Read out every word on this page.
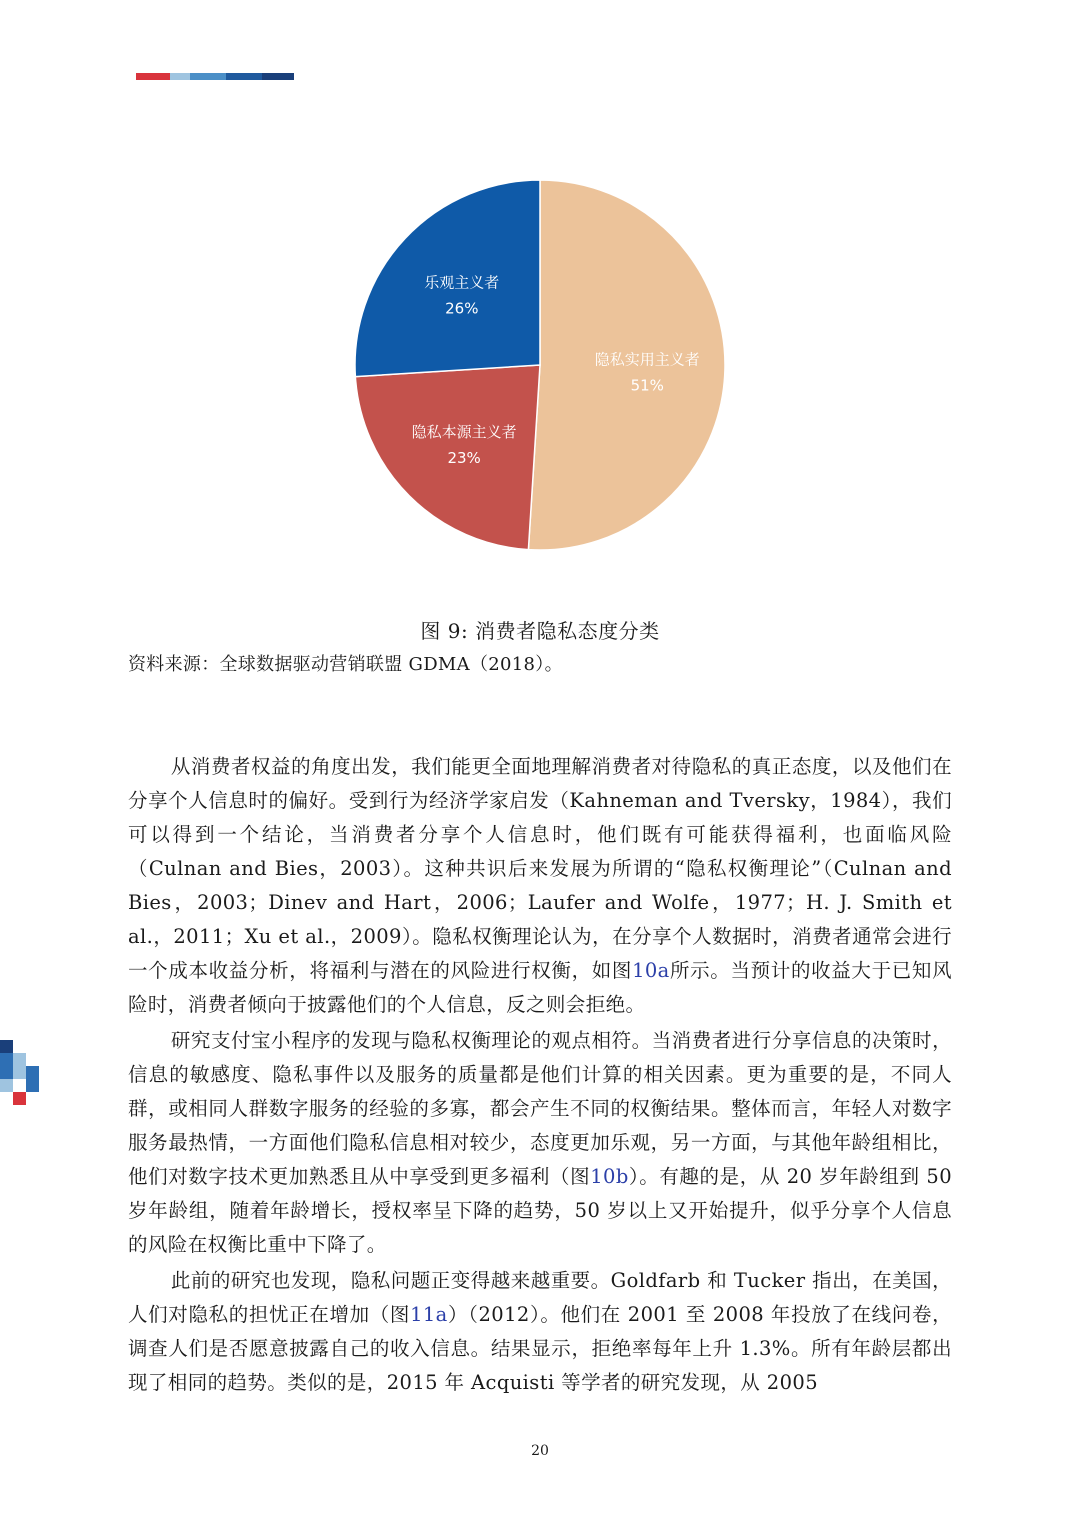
隐私实用主义者
51%
隐私本源主义者
23%
乐观主义者
26%
图 9: 消费者隐私态度分类
资料来源：全球数据驱动营销联盟 GDMA（2018）。

从消费者权益的角度出发，我们能更全面地理解消费者对待隐私的真正态度，以及他们在分享个人信息时的偏好。受到行为经济学家启发（Kahneman and Tversky，1984），我们可以得到一个结论，当消费者分享个人信息时，他们既有可能获得福利，也面临风险（Culnan and Bies，2003）。这种共识后来发展为所谓的“隐私权衡理论”（Culnan and Bies，2003；Dinev and Hart，2006；Laufer and Wolfe，1977；H. J. Smith et al.，2011；Xu et al.，2009）。隐私权衡理论认为，在分享个人数据时，消费者通常会进行一个成本收益分析，将福利与潜在的风险进行权衡，如图10a所示。当预计的收益大于已知风险时，消费者倾向于披露他们的个人信息，反之则会拒绝。

研究支付宝小程序的发现与隐私权衡理论的观点相符。当消费者进行分享信息的决策时，信息的敏感度、隐私事件以及服务的质量都是他们计算的相关因素。更为重要的是，不同人群，或相同人群数字服务的经验的多寡，都会产生不同的权衡结果。整体而言，年轻人对数字服务最热情，一方面他们隐私信息相对较少，态度更加乐观，另一方面，与其他年龄组相比，他们对数字技术更加熟悉且从中享受到更多福利（图10b）。有趣的是，从 20 岁年龄组到 50 岁年龄组，随着年龄增长，授权率呈下降的趋势，50 岁以上又开始提升，似乎分享个人信息的风险在权衡比重中下降了。

此前的研究也发现，隐私问题正变得越来越重要。Goldfarb 和 Tucker 指出，在美国，人们对隐私的担忧正在增加（图11a）（2012）。他们在 2001 至 2008 年投放了在线问卷，调查人们是否愿意披露自己的收入信息。结果显示，拒绝率每年上升 1.3%。所有年龄层都出现了相同的趋势。类似的是，2015 年 Acquisti 等学者的研究发现，从 2005

20
